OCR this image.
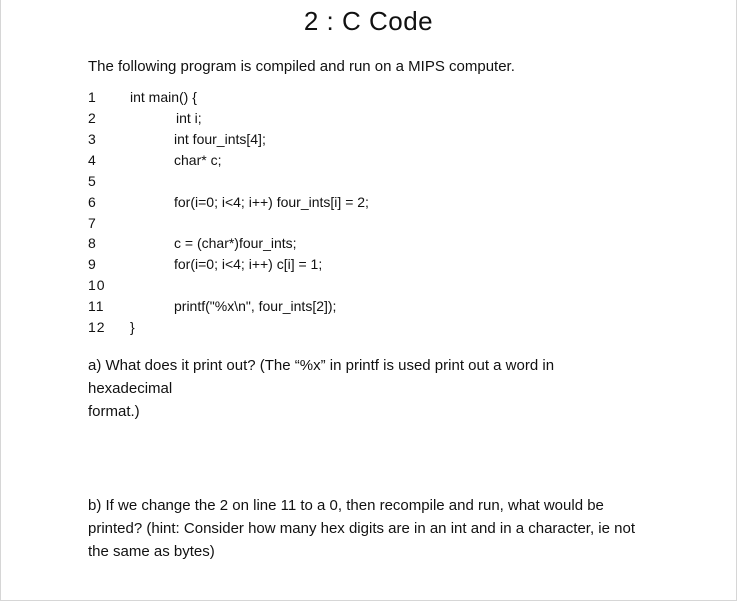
2 : C Code
The following program is compiled and run on a MIPS computer.
1	int main() {
2	int i;
3	int four_ints[4];
4	char* c;
5
6	for(i=0; i<4; i++) four_ints[i] = 2;
7
8	c = (char*)four_ints;
9	for(i=0; i<4; i++) c[i] = 1;
10
11	printf("%x\n", four_ints[2]);
12	}
a) What does it print out? (The “%x” in printf is used print out a word in
hexadecimal
format.)
b) If we change the 2 on line 11 to a 0, then recompile and run, what would be printed? (hint: Consider how many hex digits are in an int and in a character, ie not the same as bytes)
